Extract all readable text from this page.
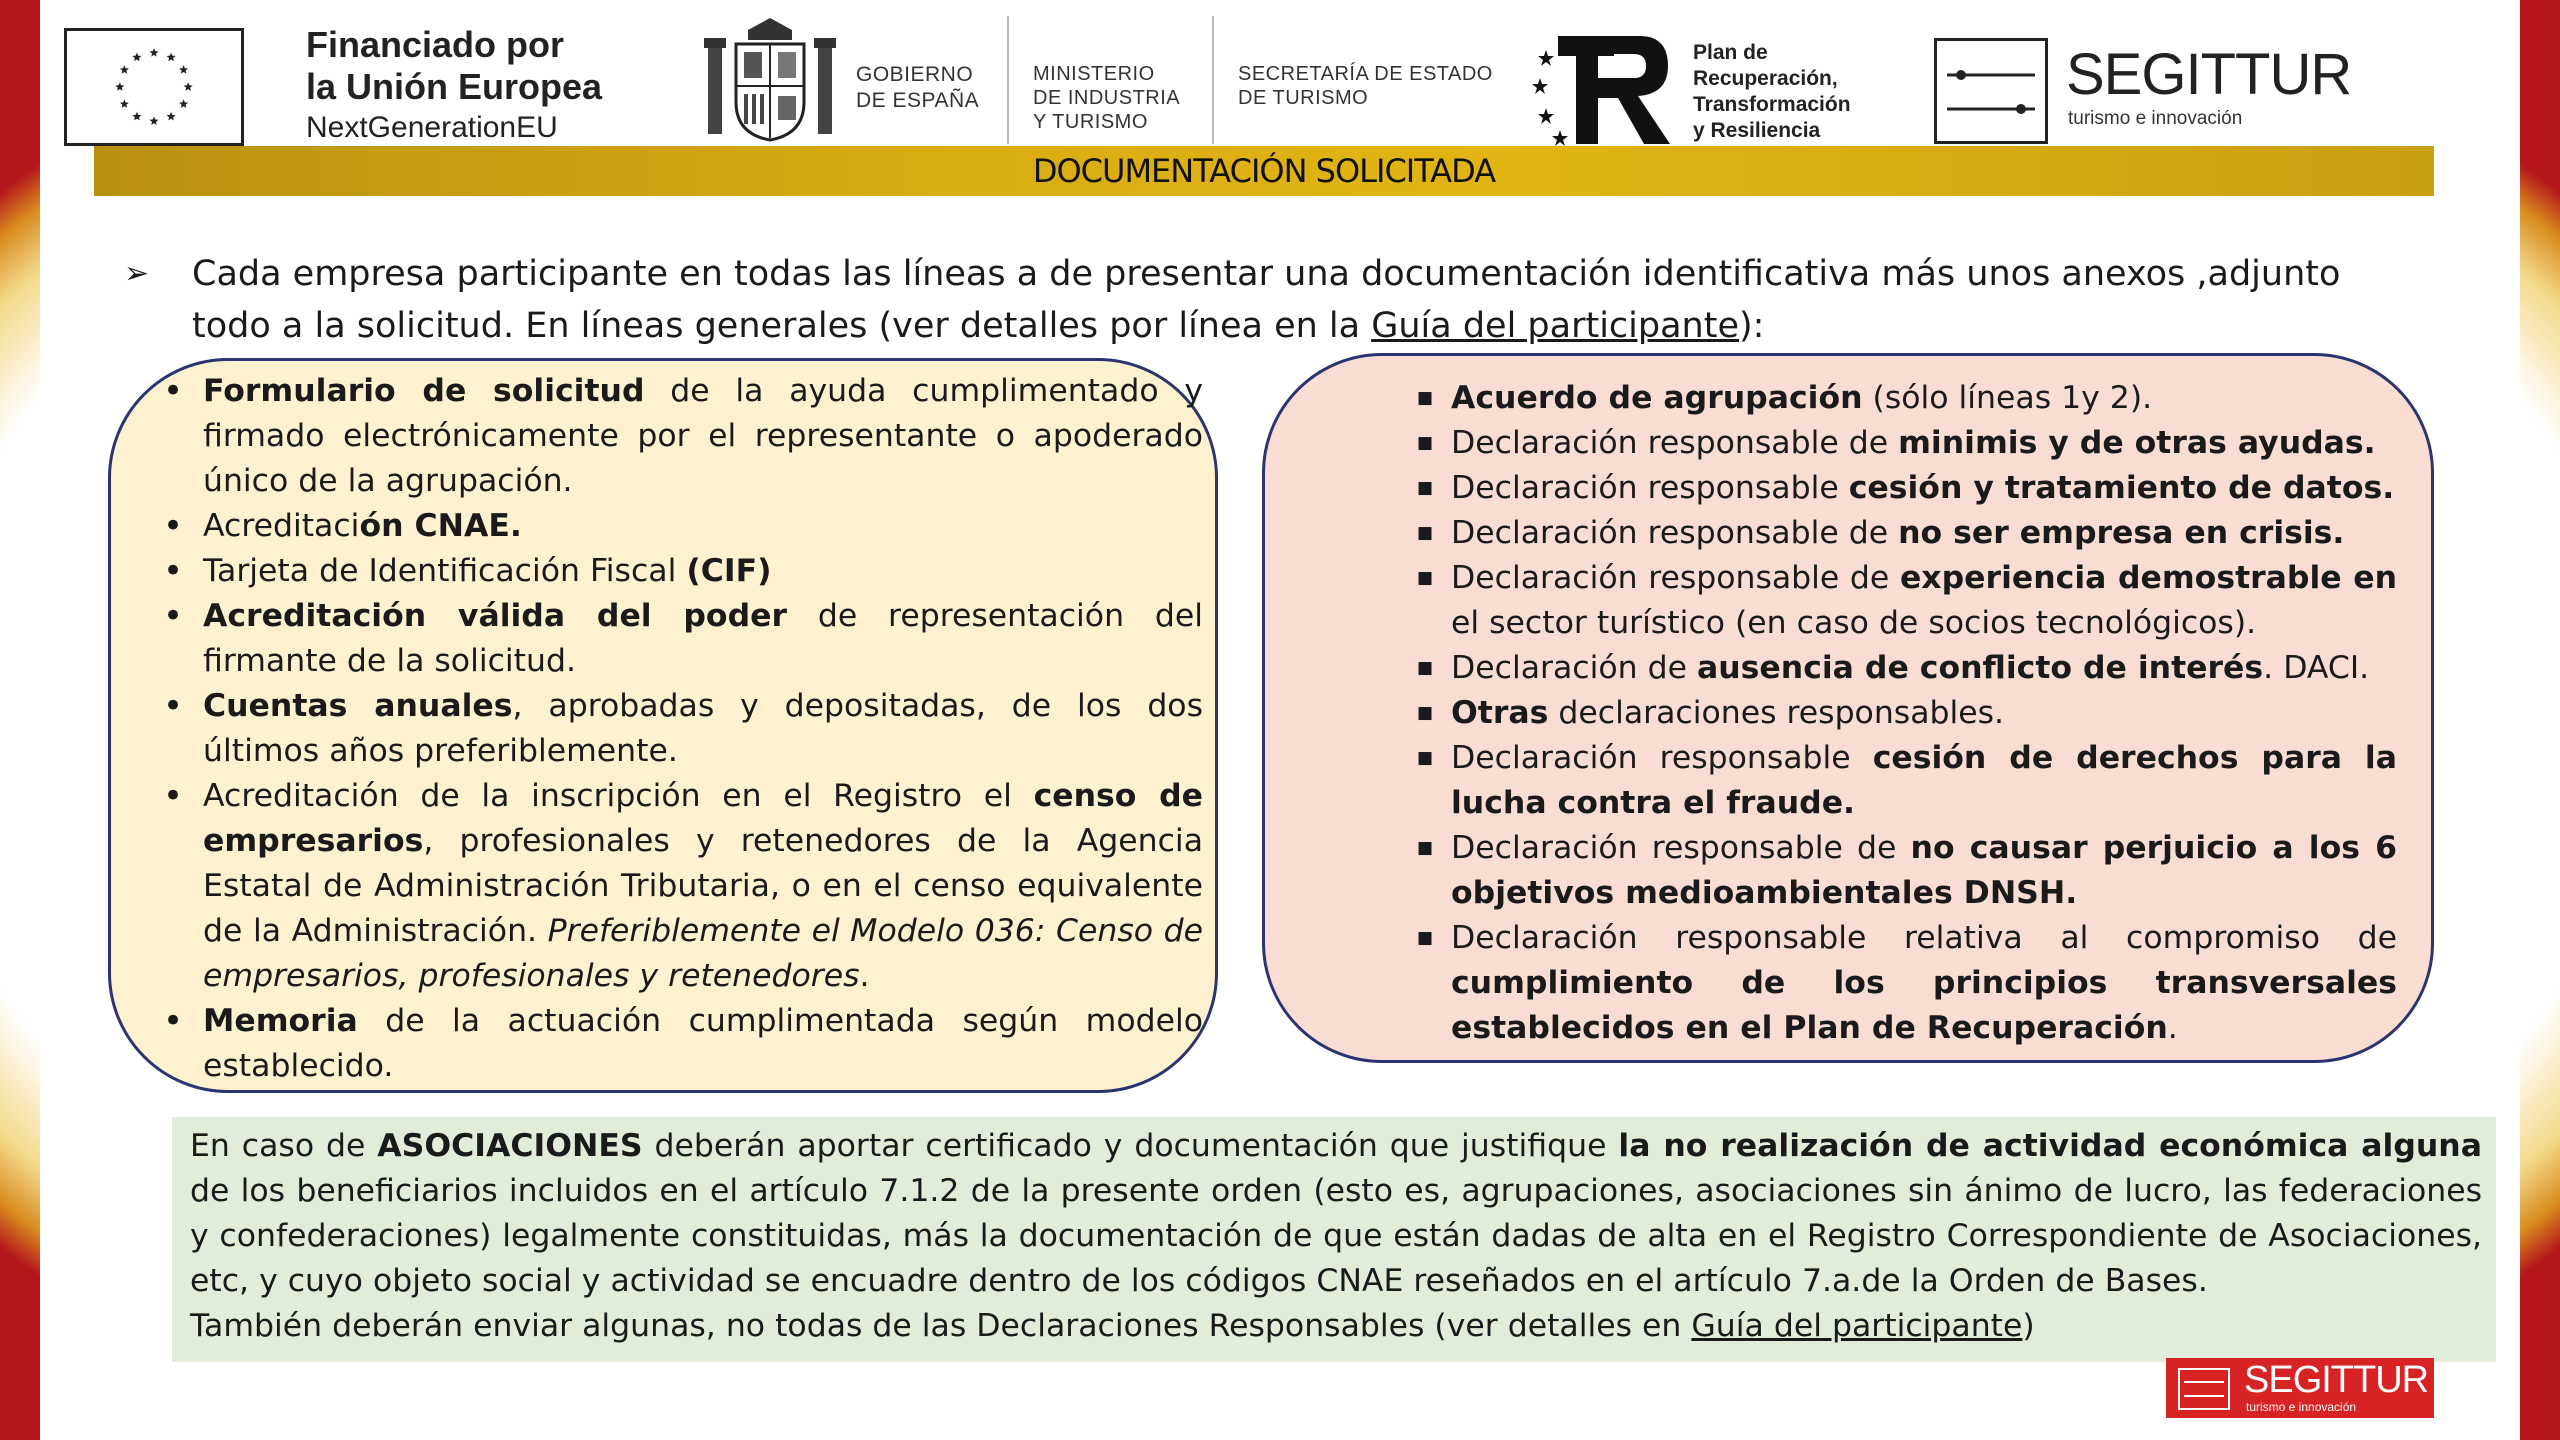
Financiado por
la Unión Europea
NextGenerationEU
GOBIERNO
DE ESPAÑA
MINISTERIO
DE INDUSTRIA
Y TURISMO
SECRETARÍA DE ESTADO
DE TURISMO
Plan de
Recuperación,
Transformación
y Resiliencia
SEGITTUR
turismo e innovación
DOCUMENTACIÓN SOLICITADA
➢ Cada empresa participante en todas las líneas a de presentar una documentación identificativa más unos anexos ,adjunto todo a la solicitud. En líneas generales (ver detalles por línea en la Guía del participante):
• Formulario de solicitud de la ayuda cumplimentado y firmado electrónicamente por el representante o apoderado único de la agrupación.
• Acreditación CNAE.
• Tarjeta de Identificación Fiscal (CIF)
• Acreditación válida del poder de representación del firmante de la solicitud.
• Cuentas anuales, aprobadas y depositadas, de los dos últimos años preferiblemente.
• Acreditación de la inscripción en el Registro el censo de empresarios, profesionales y retenedores de la Agencia Estatal de Administración Tributaria, o en el censo equivalente de la Administración. Preferiblemente el Modelo 036: Censo de empresarios, profesionales y retenedores.
• Memoria de la actuación cumplimentada según modelo establecido.
■ Acuerdo de agrupación (sólo líneas 1y 2).
■ Declaración responsable de minimis y de otras ayudas.
■ Declaración responsable cesión y tratamiento de datos.
■ Declaración responsable de no ser empresa en crisis.
■ Declaración responsable de experiencia demostrable en el sector turístico (en caso de socios tecnológicos).
■ Declaración de ausencia de conflicto de interés. DACI.
■ Otras declaraciones responsables.
■ Declaración responsable cesión de derechos para la lucha contra el fraude.
■ Declaración responsable de no causar perjuicio a los 6 objetivos medioambientales DNSH.
■ Declaración responsable relativa al compromiso de cumplimiento de los principios transversales establecidos en el Plan de Recuperación.

En caso de ASOCIACIONES deberán aportar certificado y documentación que justifique la no realización de actividad económica alguna de los beneficiarios incluidos en el artículo 7.1.2 de la presente orden (esto es, agrupaciones, asociaciones sin ánimo de lucro, las federaciones y confederaciones) legalmente constituidas, más la documentación de que están dadas de alta en el Registro Correspondiente de Asociaciones, etc, y cuyo objeto social y actividad se encuadre dentro de los códigos CNAE reseñados en el artículo 7.a.de la Orden de Bases.

También deberán enviar algunas, no todas de las Declaraciones Responsables (ver detalles en Guía del participante)

SEGITTUR
turismo e innovación
